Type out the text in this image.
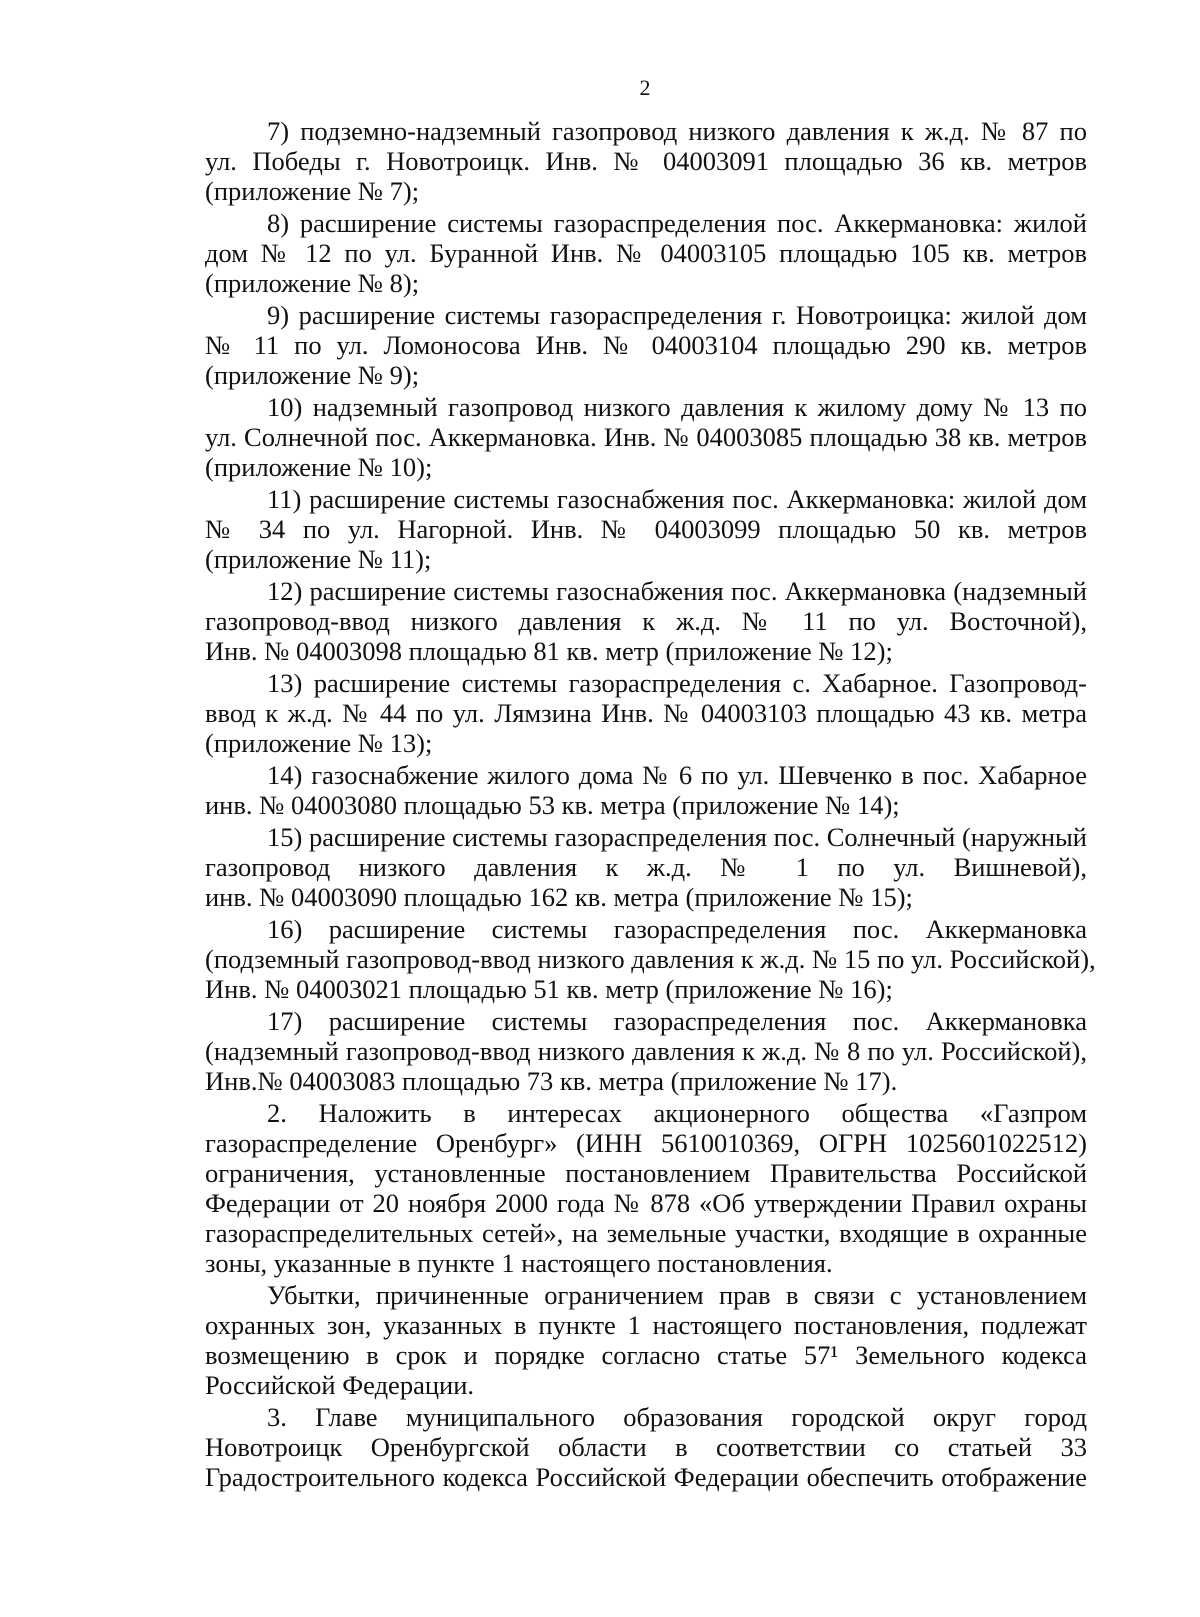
2
7) подземно-надземный газопровод низкого давления к ж.д. № 87 по
ул. Победы г. Новотроицк. Инв. № 04003091 площадью 36 кв. метров
(приложение № 7);
8) расширение системы газораспределения пос. Аккермановка: жилой
дом № 12 по ул. Буранной Инв. № 04003105 площадью 105 кв. метров
(приложение № 8);
9) расширение системы газораспределения г. Новотроицка: жилой дом
№ 11 по ул. Ломоносова Инв. № 04003104 площадью 290 кв. метров
(приложение № 9);
10) надземный газопровод низкого давления к жилому дому № 13 по
ул. Солнечной пос. Аккермановка. Инв. № 04003085 площадью 38 кв. метров
(приложение № 10);
11) расширение системы газоснабжения пос. Аккермановка: жилой дом
№ 34 по ул. Нагорной. Инв. № 04003099 площадью 50 кв. метров
(приложение № 11);
12) расширение системы газоснабжения пос. Аккермановка (надземный
газопровод-ввод низкого давления к ж.д. № 11 по ул. Восточной),
Инв. № 04003098 площадью 81 кв. метр (приложение № 12);
13) расширение системы газораспределения с. Хабарное. Газопровод-
ввод к ж.д. № 44 по ул. Лямзина Инв. № 04003103 площадью 43 кв. метра
(приложение № 13);
14) газоснабжение жилого дома № 6 по ул. Шевченко в пос. Хабарное
инв. № 04003080 площадью 53 кв. метра (приложение № 14);
15) расширение системы газораспределения пос. Солнечный (наружный
газопровод низкого давления к ж.д. № 1 по ул. Вишневой),
инв. № 04003090 площадью 162 кв. метра (приложение № 15);
16) расширение системы газораспределения пос. Аккермановка
(подземный газопровод-ввод низкого давления к ж.д. № 15 по ул. Российской),
Инв. № 04003021 площадью 51 кв. метр (приложение № 16);
17) расширение системы газораспределения пос. Аккермановка
(надземный газопровод-ввод низкого давления к ж.д. № 8 по ул. Российской),
Инв.№ 04003083 площадью 73 кв. метра (приложение № 17).
2. Наложить в интересах акционерного общества «Газпром
газораспределение Оренбург» (ИНН 5610010369, ОГРН 1025601022512)
ограничения, установленные постановлением Правительства Российской
Федерации от 20 ноября 2000 года № 878 «Об утверждении Правил охраны
газораспределительных сетей», на земельные участки, входящие в охранные
зоны, указанные в пункте 1 настоящего постановления.
Убытки, причиненные ограничением прав в связи с установлением
охранных зон, указанных в пункте 1 настоящего постановления, подлежат
возмещению в срок и порядке согласно статье 57¹ Земельного кодекса
Российской Федерации.
3. Главе муниципального образования городской округ город
Новотроицк Оренбургской области в соответствии со статьей 33
Градостроительного кодекса Российской Федерации обеспечить отображение
